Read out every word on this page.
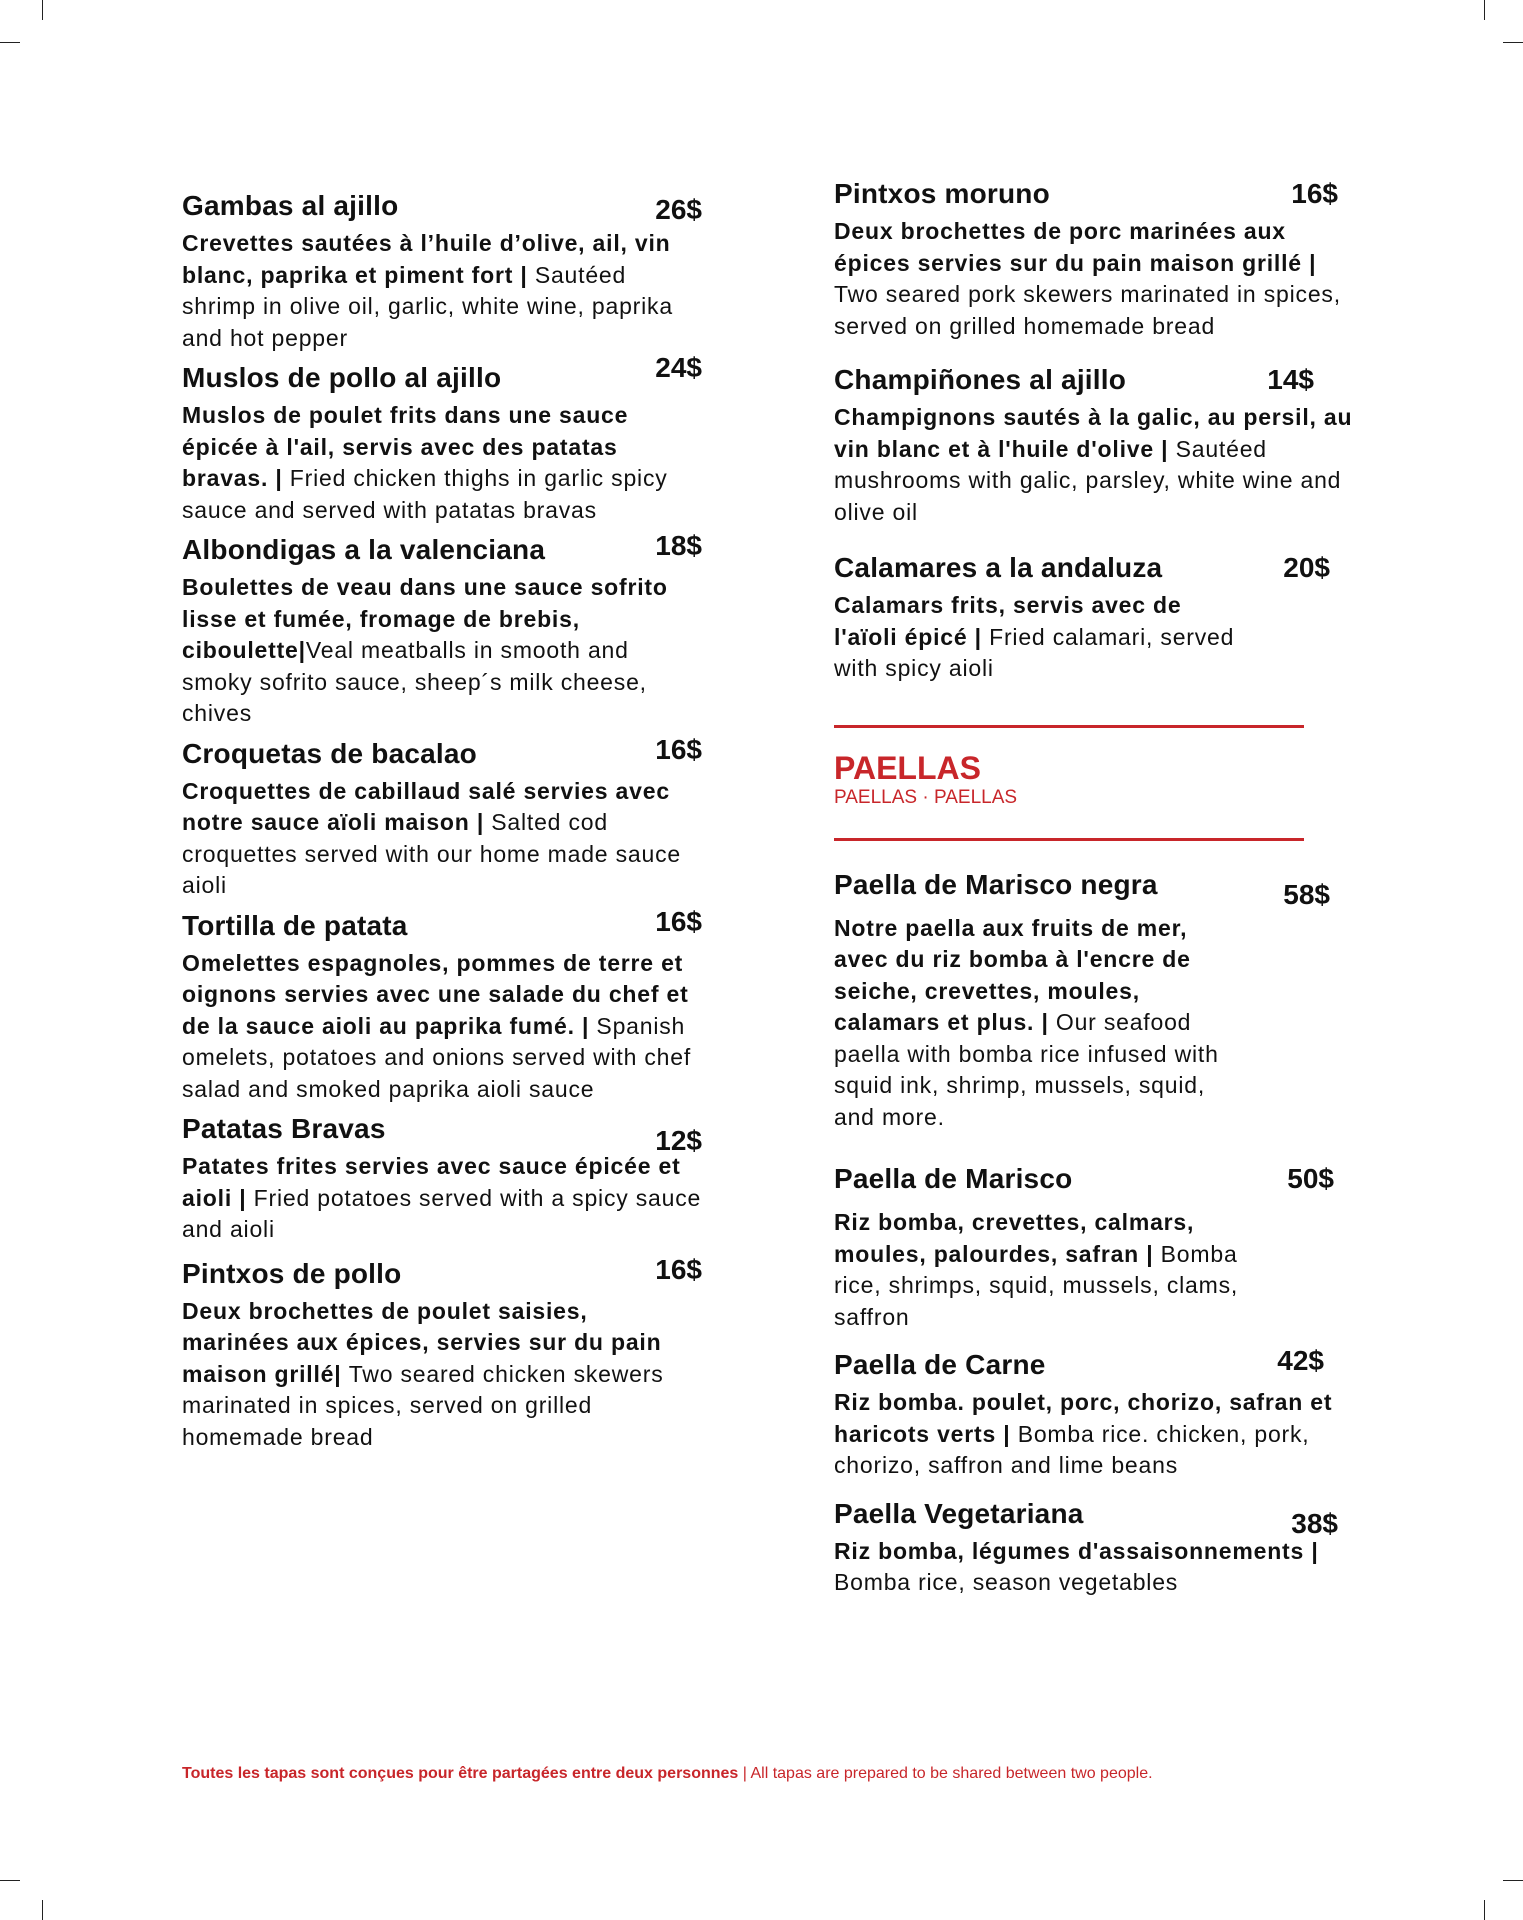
Gambas al ajillo	26$

Crevettes sautées à l’huile d’olive, ail, vin blanc, paprika et piment fort | Sautéed shrimp in olive oil, garlic, white wine, paprika and hot pepper

Muslos de pollo al ajillo	24$

Muslos de poulet frits dans une sauce épicée à l'ail, servis avec des patatas bravas. | Fried chicken thighs in garlic spicy sauce and served with patatas bravas

Albondigas a la valenciana	18$

Boulettes de veau dans une sauce sofrito lisse et fumée, fromage de brebis, ciboulette|Veal meatballs in smooth and smoky sofrito sauce, sheep´s milk cheese, chives

Croquetas de bacalao	16$

Croquettes de cabillaud salé servies avec notre sauce aïoli maison | Salted cod croquettes served with our home made sauce aioli

Tortilla de patata	16$

Omelettes espagnoles, pommes de terre et oignons servies avec une salade du chef et de la sauce aioli au paprika fumé. | Spanish omelets, potatoes and onions served with chef salad and smoked paprika aioli sauce

Patatas Bravas	12$

Patates frites servies avec sauce épicée et aioli | Fried potatoes served with a spicy sauce and aioli

Pintxos de pollo	16$

Deux brochettes de poulet saisies, marinées aux épices, servies sur du pain maison grillé| Two seared chicken skewers marinated in spices, served on grilled homemade bread

Pintxos moruno	16$

Deux brochettes de porc marinées aux épices servies sur du pain maison grillé | Two seared pork skewers marinated in spices, served on grilled homemade bread

Champiñones al ajillo	14$

Champignons sautés à la galic, au persil, au vin blanc et à l'huile d'olive | Sautéed mushrooms with galic, parsley, white wine and olive oil

Calamares a la andaluza	20$

Calamars frits, servis avec de l'aïoli épicé | Fried calamari, served with spicy aioli

PAELLAS

PAELLAS · PAELLAS

Paella de Marisco negra	58$

Notre paella aux fruits de mer, avec du riz bomba à l'encre de seiche, crevettes, moules, calamars et plus. | Our seafood paella with bomba rice infused with squid ink, shrimp, mussels, squid, and more.

Paella de Marisco	50$

Riz bomba, crevettes, calmars, moules, palourdes, safran | Bomba rice, shrimps, squid, mussels, clams, saffron

Paella de Carne	42$

Riz bomba. poulet, porc, chorizo, safran et haricots verts | Bomba rice. chicken, pork, chorizo, saffron and lime beans

Paella Vegetariana	38$

Riz bomba, légumes d'assaisonnements | Bomba rice, season vegetables

Toutes les tapas sont conçues pour être partagées entre deux personnes | All tapas are prepared to be shared between two people.
